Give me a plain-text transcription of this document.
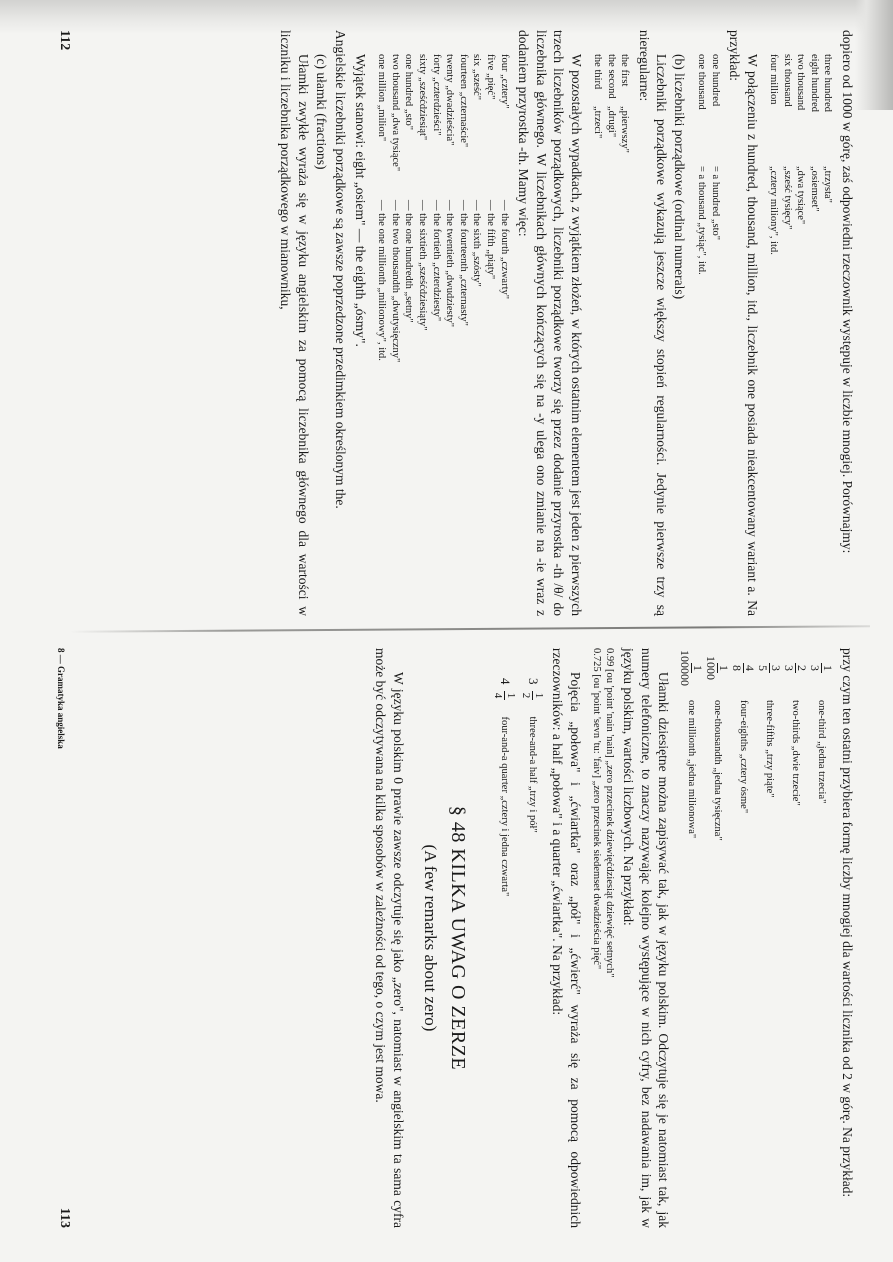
dopiero od 1000 w górę, zaś odpowiedni rzeczownik występuje w liczbie mnogiej. Porównajmy:

three hundred
„trzysta"
eight hundred
„osiemset"
two thousand
„dwa tysiące"
six thousand
„sześć tysięcy"
four million
„cztery miliony", itd.

W połączeniu z hundred, thousand, million, itd., liczebnik one posiada nieakcentowany wariant a. Na przykład:

one hundred
= a hundred „sto"
one thousand
= a thousand „tysiąc", itd.

(b) liczebniki porządkowe (ordinal numerals)

Liczebniki porządkowe wykazują jeszcze większy stopień regularności. Jedynie pierwsze trzy są nieregularne:

the first
„pierwszy"
the second
„drugi"
the third
„trzeci"

W pozostałych wypadkach, z wyjątkiem złożeń, w których ostatnim elementem jest jeden z pierwszych trzech liczebników porządkowych, liczebniki porządkowe tworzy się przez dodanie przyrostka -th /θ/ do liczebnika głównego. W liczebnikach głównych kończących się na -y ulega ono zmianie na -ie wraz z dodaniem przyrostka -th. Mamy więc:

four „cztery"
— the fourth „czwarty"
five „pięć"
— the fifth „piąty"
six „sześć"
— the sixth „szósty"
fourteen „czternaście"
— the fourteenth „czternasty"
twenty „dwadzieścia"
— the twentieth „dwudziesty"
forty „czterdzieści"
— the fortieth „czterdziesty"
sixty „sześćdziesiąt"
— the sixtieth „sześćdziesiąty"
one hundred „sto"
— the one hundredth „setny"
two thousand „dwa tysiące"
— the two thousandth „dwutysięczny"
one million „milion"
— the one millionth „milionowy", itd.

Wyjątek stanowi: eight „osiem" — the eighth „ósmy".

Angielskie liczebniki porządkowe są zawsze poprzedzone przedimkiem określonym the.

(c) ułamki (fractions)

Ułamki zwykłe wyraża się w języku angielskim za pomocą liczebnika głównego dla wartości w liczniku i liczebnika porządkowego w mianowniku,

112

przy czym ten ostatni przybiera formę liczby mnogiej dla wartości licznika od 2 w górę. Na przykład:

1
3
one-third „jedna trzecia"
2
3
two-thirds „dwie trzecie"
3
5
three-fifths „trzy piąte"
4
8
four-eighths „cztery ósme"
1
1000
one-thousandth „jedna tysięczna"
1
100000
one millionth „jedna milionowa"

Ułamki dziesiętne można zapisywać tak, jak w języku polskim. Odczytuje się je natomiast tak, jak numery telefoniczne, to znaczy nazywając kolejno występujące w nich cyfry, bez nadawania im, jak w języku polskim, wartości liczbowych. Na przykład:

0.99 [ou 'point 'nain 'nain] „zero przecinek dziewięćdziesiąt dziewięć setnych"

0.725 [ou 'point 'sevn 'tu: 'faiv] „zero przecinek siedemset dwadzieścia pięć"

Pojęcia „połowa" i „ćwiartka" oraz „pół" i „ćwierć" wyraża się za pomocą odpowiednich rzeczowników: a half „połowa" i a quarter „ćwiartka". Na przykład:

3
1
2
three-and-a half „trzy i pół"
4
1
4
four-and-a quarter „cztery i jedna czwarta"

§ 48 KILKA UWAG O ZERZE

(A few remarks about zero)

W języku polskim 0 prawie zawsze odczytuje się jako „zero", natomiast w angielskim ta sama cyfra może być odczytywana na kilka sposobów w zależności od tego, o czym jest mowa.

8 — Gramatyka angielska
113
